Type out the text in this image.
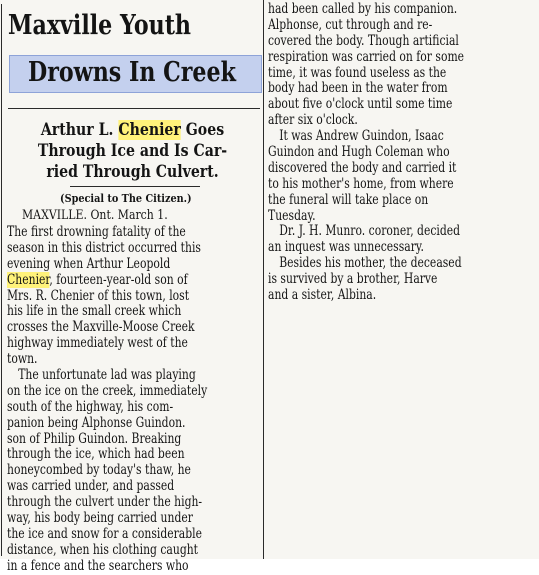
Maxville Youth
Drowns In Creek
Arthur L. Chenier Goes
Through Ice and Is Car-
ried Through Culvert.
(Special to The Citizen.)
MAXVILLE. Ont. March 1.
The first drowning fatality of the
season in this district occurred this
evening when Arthur Leopold
Chenier, fourteen-year-old son of
Mrs. R. Chenier of this town, lost
his life in the small creek which
crosses the Maxville-Moose Creek
highway immediately west of the
town.
The unfortunate lad was playing
on the ice on the creek, immediately
south of the highway, his com-
panion being Alphonse Guindon.
son of Philip Guindon. Breaking
through the ice, which had been
honeycombed by today's thaw, he
was carried under, and passed
through the culvert under the high-
way, his body being carried under
the ice and snow for a considerable
distance, when his clothing caught
in a fence and the searchers who
had been called by his companion.
Alphonse, cut through and re-
covered the body. Though artificial
respiration was carried on for some
time, it was found useless as the
body had been in the water from
about five o'clock until some time
after six o'clock.
It was Andrew Guindon, Isaac
Guindon and Hugh Coleman who
discovered the body and carried it
to his mother's home, from where
the funeral will take place on
Tuesday.
Dr. J. H. Munro. coroner, decided
an inquest was unnecessary.
Besides his mother, the deceased
is survived by a brother, Harve
and a sister, Albina.
